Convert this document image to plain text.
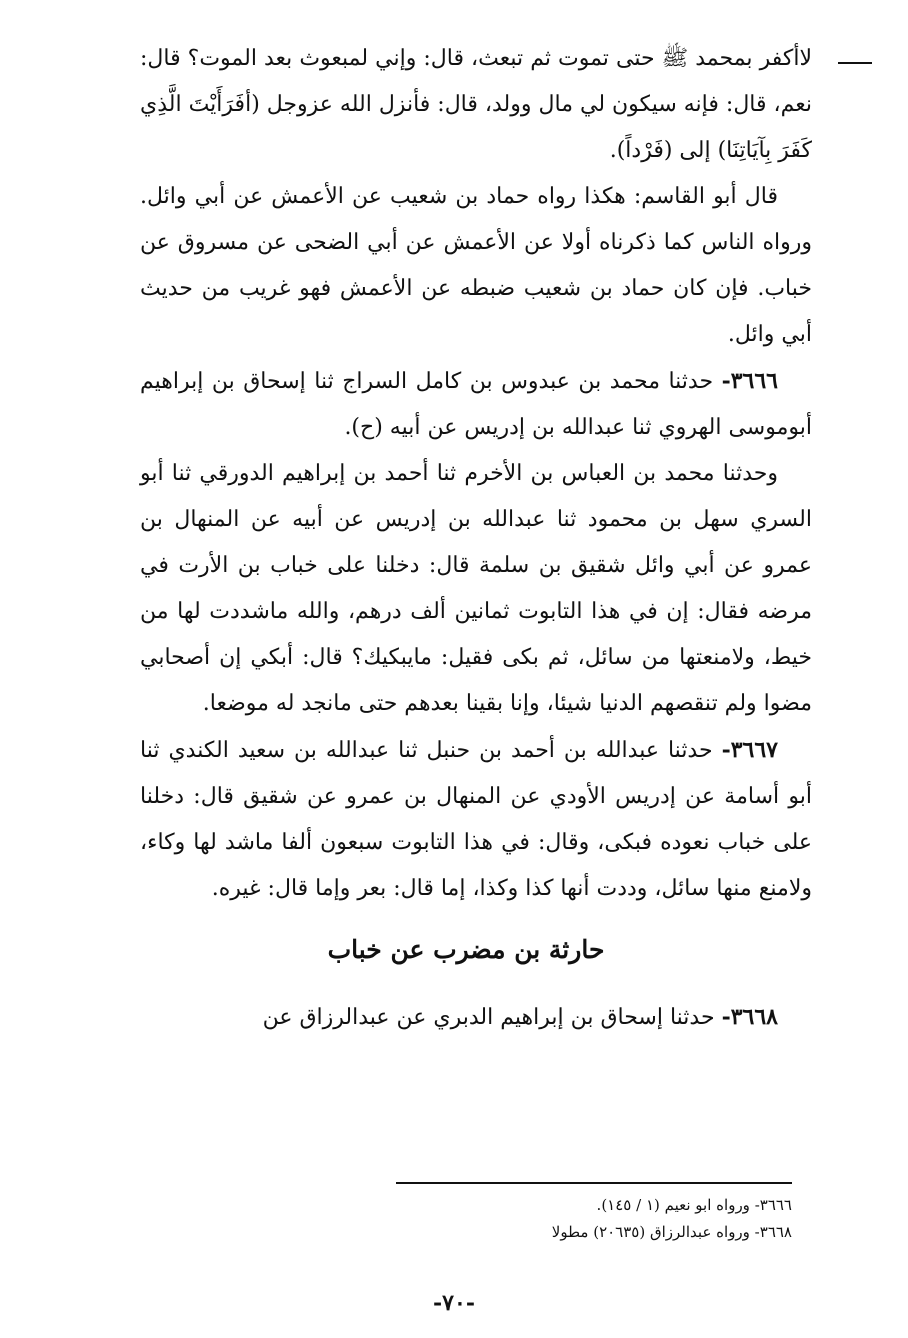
لاأكفر بمحمد ﷺ حتى تموت ثم تبعث، قال: وإني لمبعوث بعد الموت؟ قال: نعم، قال: فإنه سيكون لي مال وولد، قال: فأنزل الله عزوجل (أفَرَأَيْتَ الَّذِي كَفَرَ بِآيَاتِنَا) إلى (فَرْداً).

قال أبو القاسم: هكذا رواه حماد بن شعيب عن الأعمش عن أبي وائل. ورواه الناس كما ذكرناه أولا عن الأعمش عن أبي الضحى عن مسروق عن خباب. فإن كان حماد بن شعيب ضبطه عن الأعمش فهو غريب من حديث أبي وائل.

٣٦٦٦- حدثنا محمد بن عبدوس بن كامل السراج ثنا إسحاق بن إبراهيم أبوموسى الهروي ثنا عبدالله بن إدريس عن أبيه (ح).

وحدثنا محمد بن العباس بن الأخرم ثنا أحمد بن إبراهيم الدورقي ثنا أبو السري سهل بن محمود ثنا عبدالله بن إدريس عن أبيه عن المنهال بن عمرو عن أبي وائل شقيق بن سلمة قال: دخلنا على خباب بن الأرت في مرضه فقال: إن في هذا التابوت ثمانين ألف درهم، والله ماشددت لها من خيط، ولامنعتها من سائل، ثم بكى فقيل: مايبكيك؟ قال: أبكي إن أصحابي مضوا ولم تنقصهم الدنيا شيئا، وإنا بقينا بعدهم حتى مانجد له موضعا.

٣٦٦٧- حدثنا عبدالله بن أحمد بن حنبل ثنا عبدالله بن سعيد الكندي ثنا أبو أسامة عن إدريس الأودي عن المنهال بن عمرو عن شقيق قال: دخلنا على خباب نعوده فبكى، وقال: في هذا التابوت سبعون ألفا ماشد لها وكاء، ولامنع منها سائل، وددت أنها كذا وكذا، إما قال: بعر وإما قال: غيره.

حارثة بن مضرب عن خباب

٣٦٦٨- حدثنا إسحاق بن إبراهيم الدبري عن عبدالرزاق عن

٣٦٦٦- ورواه ابو نعيم (١ / ١٤٥).

٣٦٦٨- ورواه عبدالرزاق (٢٠٦٣٥) مطولا

-٧٠-
